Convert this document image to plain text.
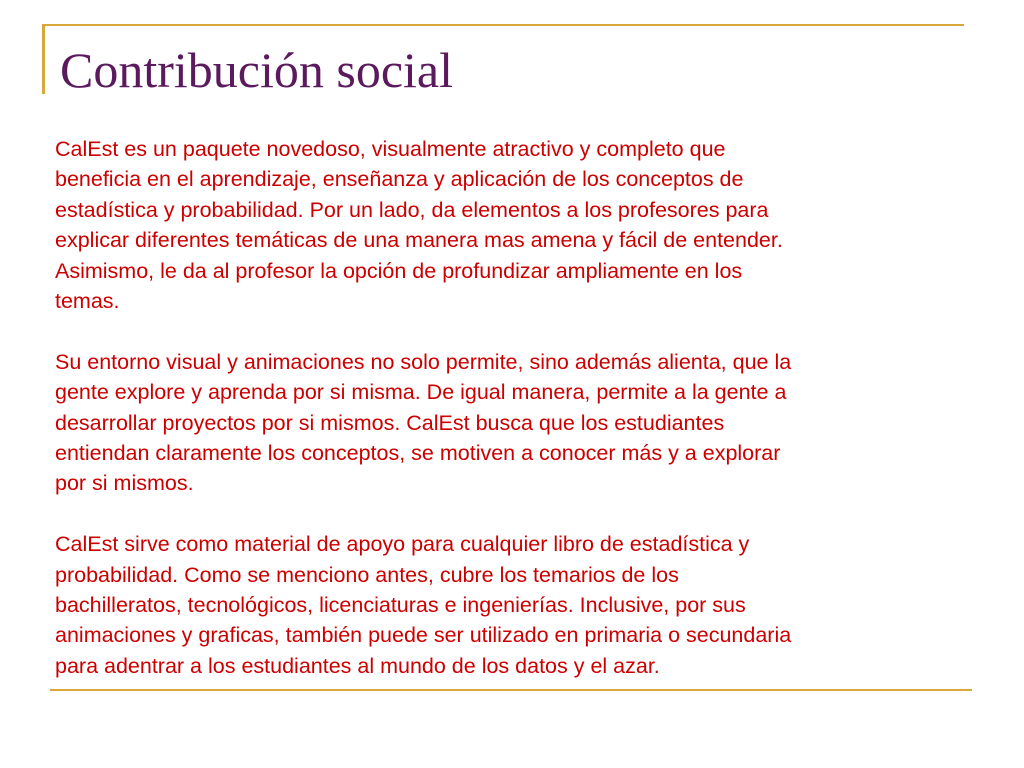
Contribución social

CalEst es un paquete novedoso, visualmente atractivo y completo que
beneficia en el aprendizaje, enseñanza y aplicación de los conceptos de
estadística y probabilidad. Por un lado, da elementos a los profesores para
explicar diferentes temáticas de una manera mas amena y fácil de entender.
Asimismo, le da al profesor la opción de profundizar ampliamente en los
temas.

Su entorno visual y animaciones no solo permite, sino además alienta, que la
gente explore y aprenda por si misma. De igual manera, permite a la gente a
desarrollar proyectos por si mismos. CalEst busca que los estudiantes
entiendan claramente los conceptos, se motiven a conocer más y a explorar
por si mismos.

CalEst sirve como material de apoyo para cualquier libro de estadística y
probabilidad. Como se menciono antes, cubre los temarios de los
bachilleratos, tecnológicos, licenciaturas e ingenierías. Inclusive, por sus
animaciones y graficas, también puede ser utilizado en primaria o secundaria
para adentrar a los estudiantes al mundo de los datos y el azar.
